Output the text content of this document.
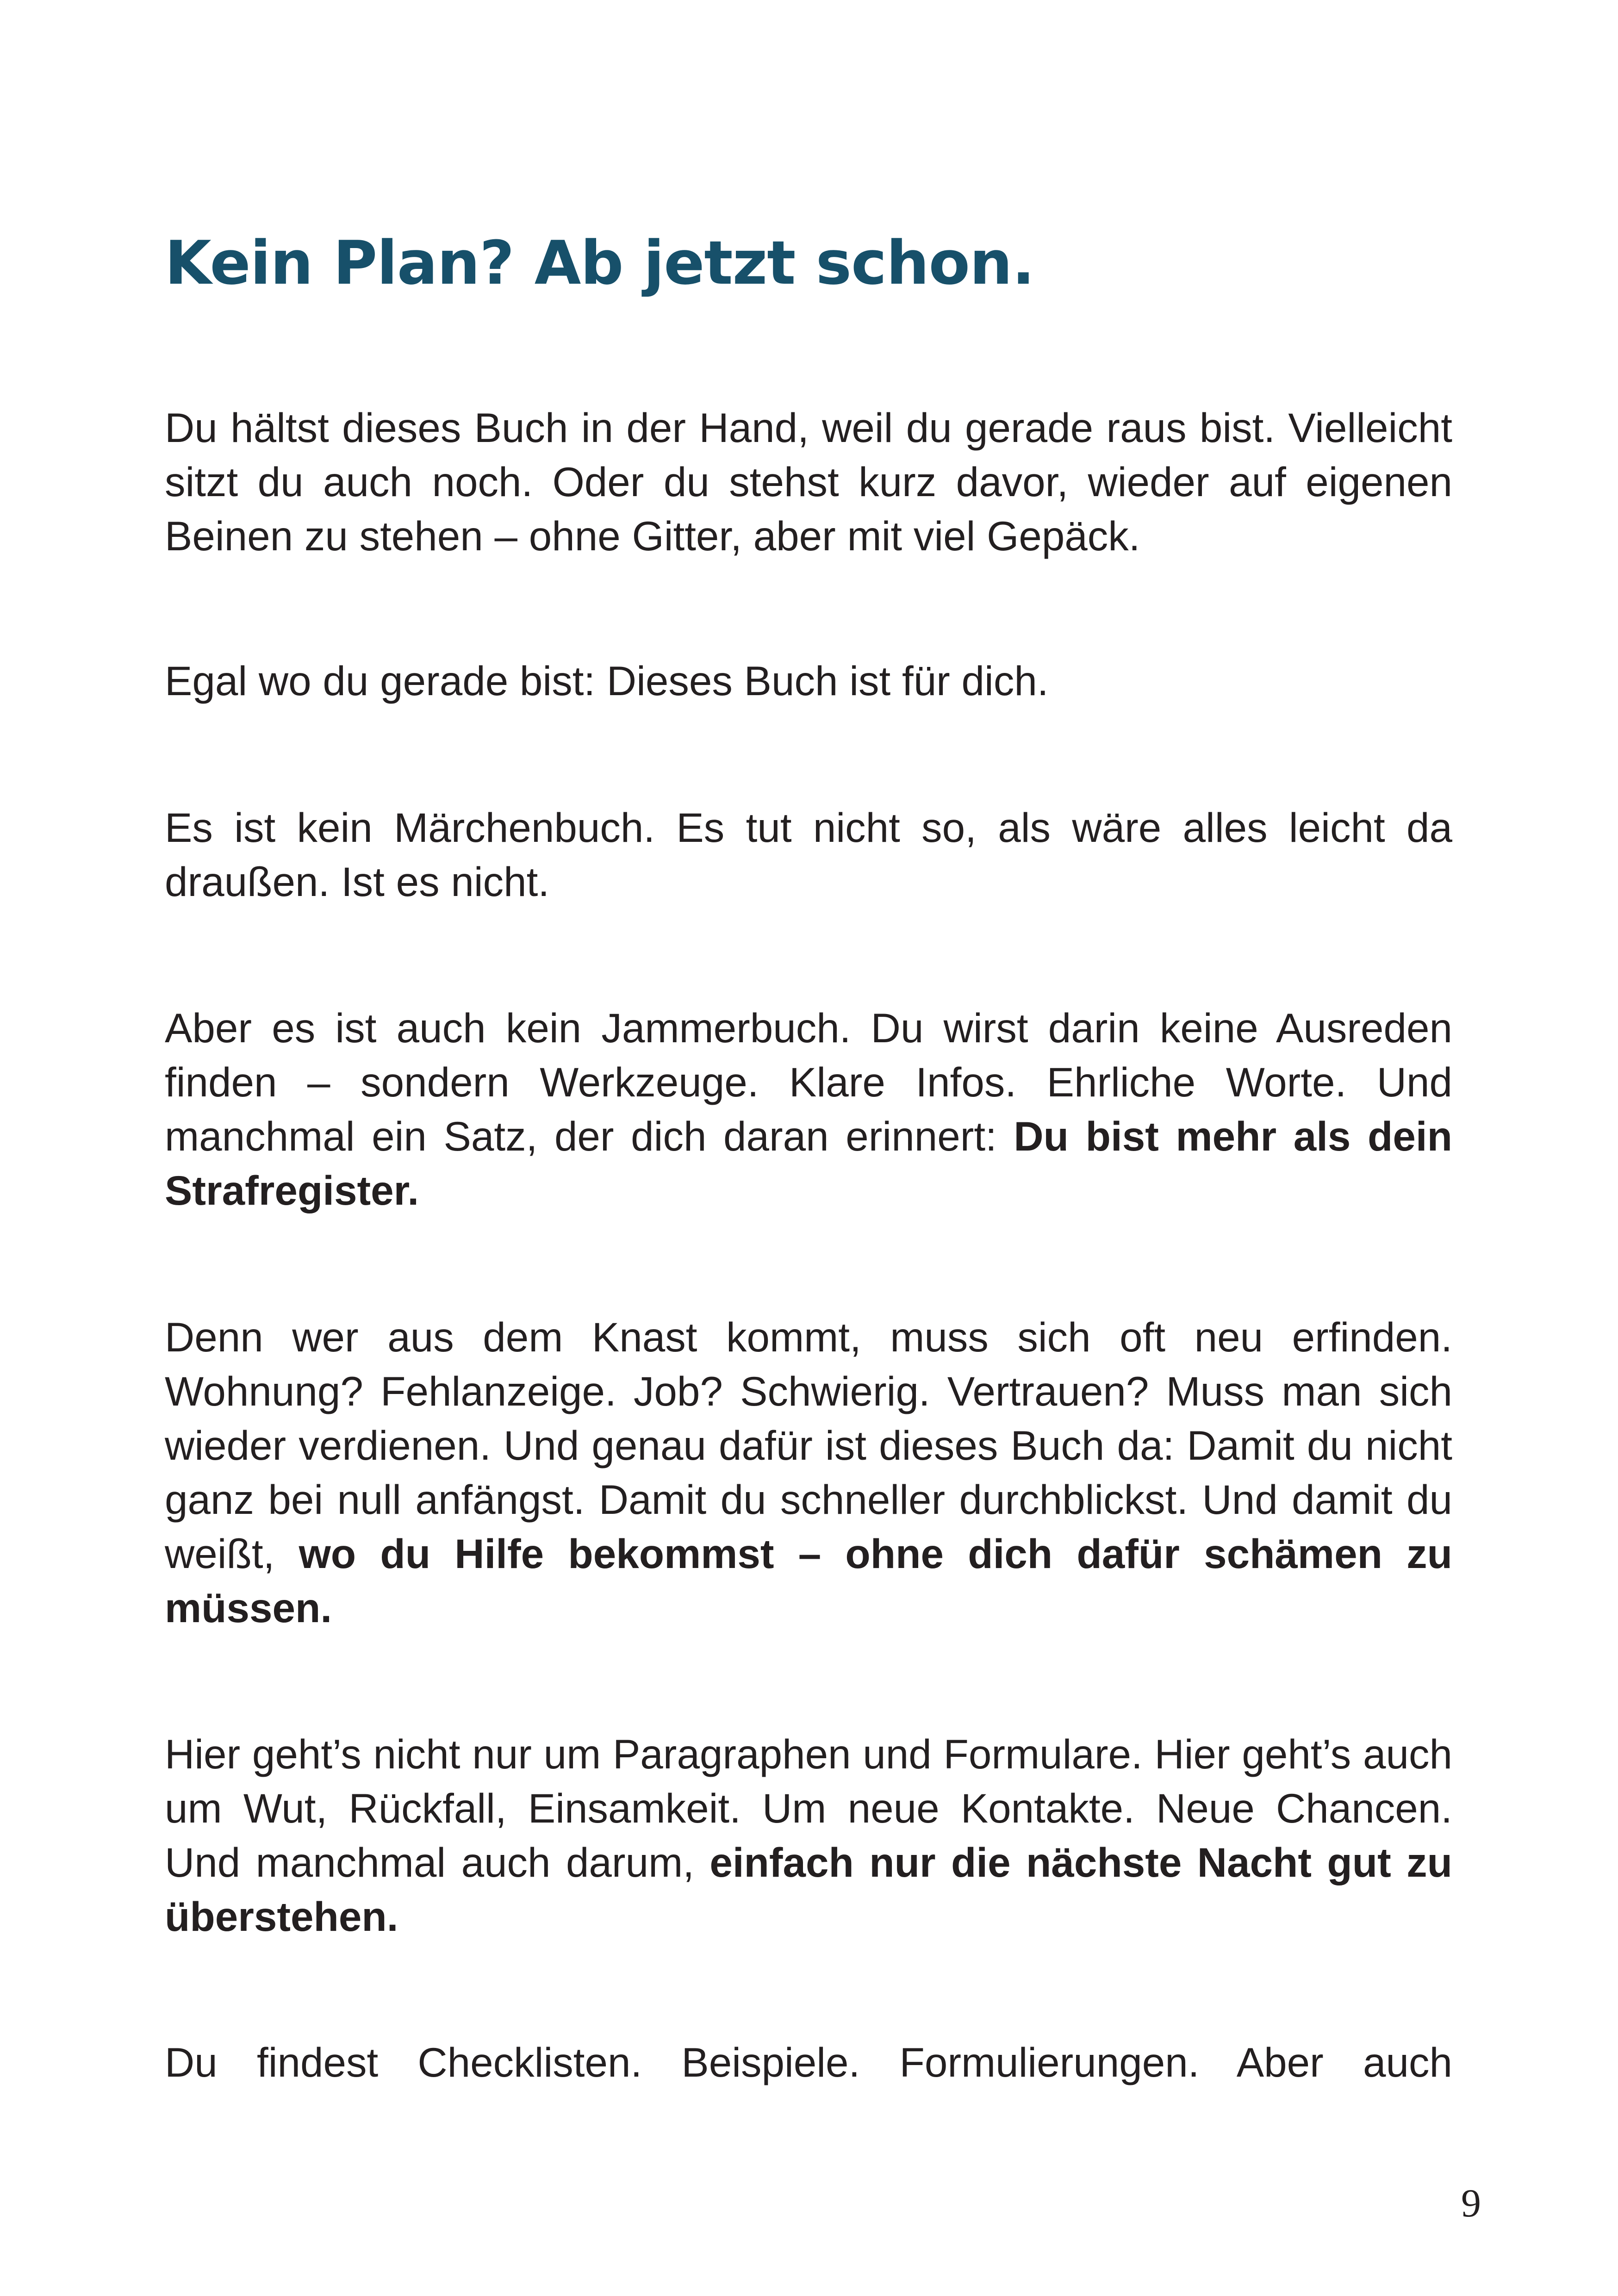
Kein Plan? Ab jetzt schon.

Du hältst dieses Buch in der Hand, weil du gerade raus bist. Vielleicht sitzt du auch noch. Oder du stehst kurz davor, wieder auf eigenen Beinen zu stehen – ohne Gitter, aber mit viel Gepäck.

Egal wo du gerade bist: Dieses Buch ist für dich.

Es ist kein Märchenbuch. Es tut nicht so, als wäre alles leicht da draußen. Ist es nicht.

Aber es ist auch kein Jammerbuch. Du wirst darin keine Ausreden finden – sondern Werkzeuge. Klare Infos. Ehrliche Worte. Und manchmal ein Satz, der dich daran erinnert: Du bist mehr als dein Strafregister.

Denn wer aus dem Knast kommt, muss sich oft neu erfinden. Wohnung? Fehlanzeige. Job? Schwierig. Vertrauen? Muss man sich wieder verdienen. Und genau dafür ist dieses Buch da: Damit du nicht ganz bei null anfängst. Damit du schneller durchblickst. Und damit du weißt, wo du Hilfe bekommst – ohne dich dafür schämen zu müssen.

Hier geht’s nicht nur um Paragraphen und Formulare. Hier geht’s auch um Wut, Rückfall, Einsamkeit. Um neue Kontakte. Neue Chancen. Und manchmal auch darum, einfach nur die nächste Nacht gut zu überstehen.

Du findest Checklisten. Beispiele. Formulierungen. Aber auch

9
